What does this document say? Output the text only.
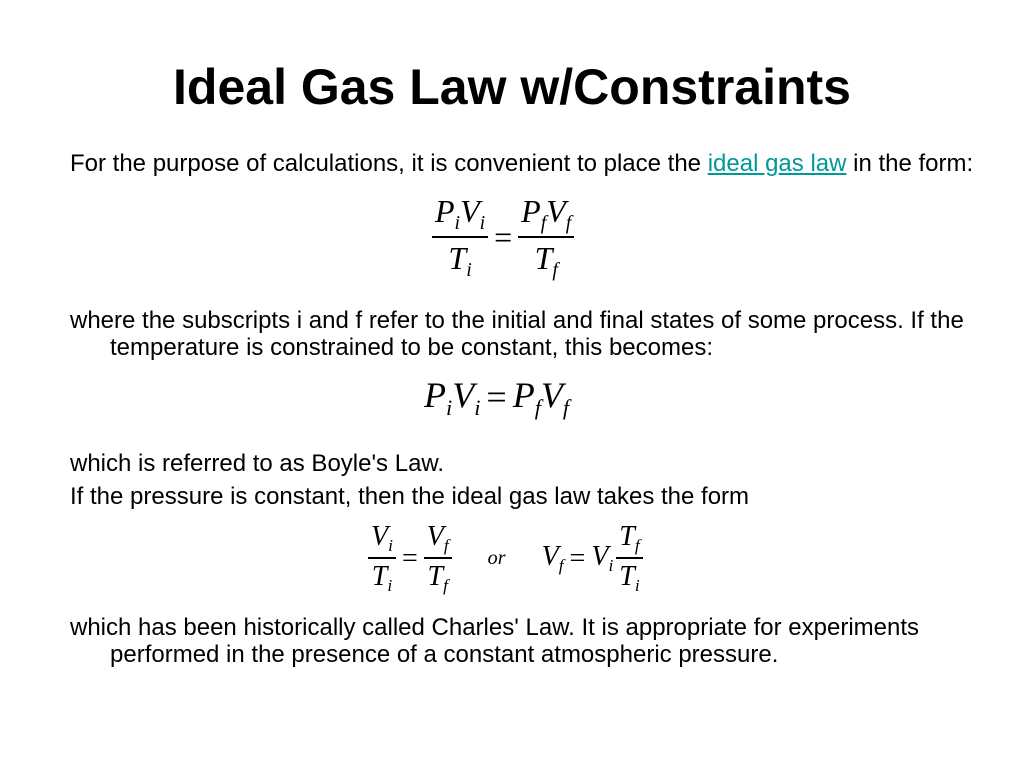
Ideal Gas Law w/Constraints

For the purpose of calculations, it is convenient to place the ideal gas law in the form:

$\frac{P_iV_i}{T_i} = \frac{P_fV_f}{T_f}$

where the subscripts i and f refer to the initial and final states of some process. If the temperature is constrained to be constant, this becomes:

$P_iV_i = P_fV_f$

which is referred to as Boyle's Law.

If the pressure is constant, then the ideal gas law takes the form

$\frac{V_i}{T_i} = \frac{V_f}{T_f}$ or $V_f = V_i \frac{T_f}{T_i}$

which has been historically called Charles' Law. It is appropriate for experiments performed in the presence of a constant atmospheric pressure.
